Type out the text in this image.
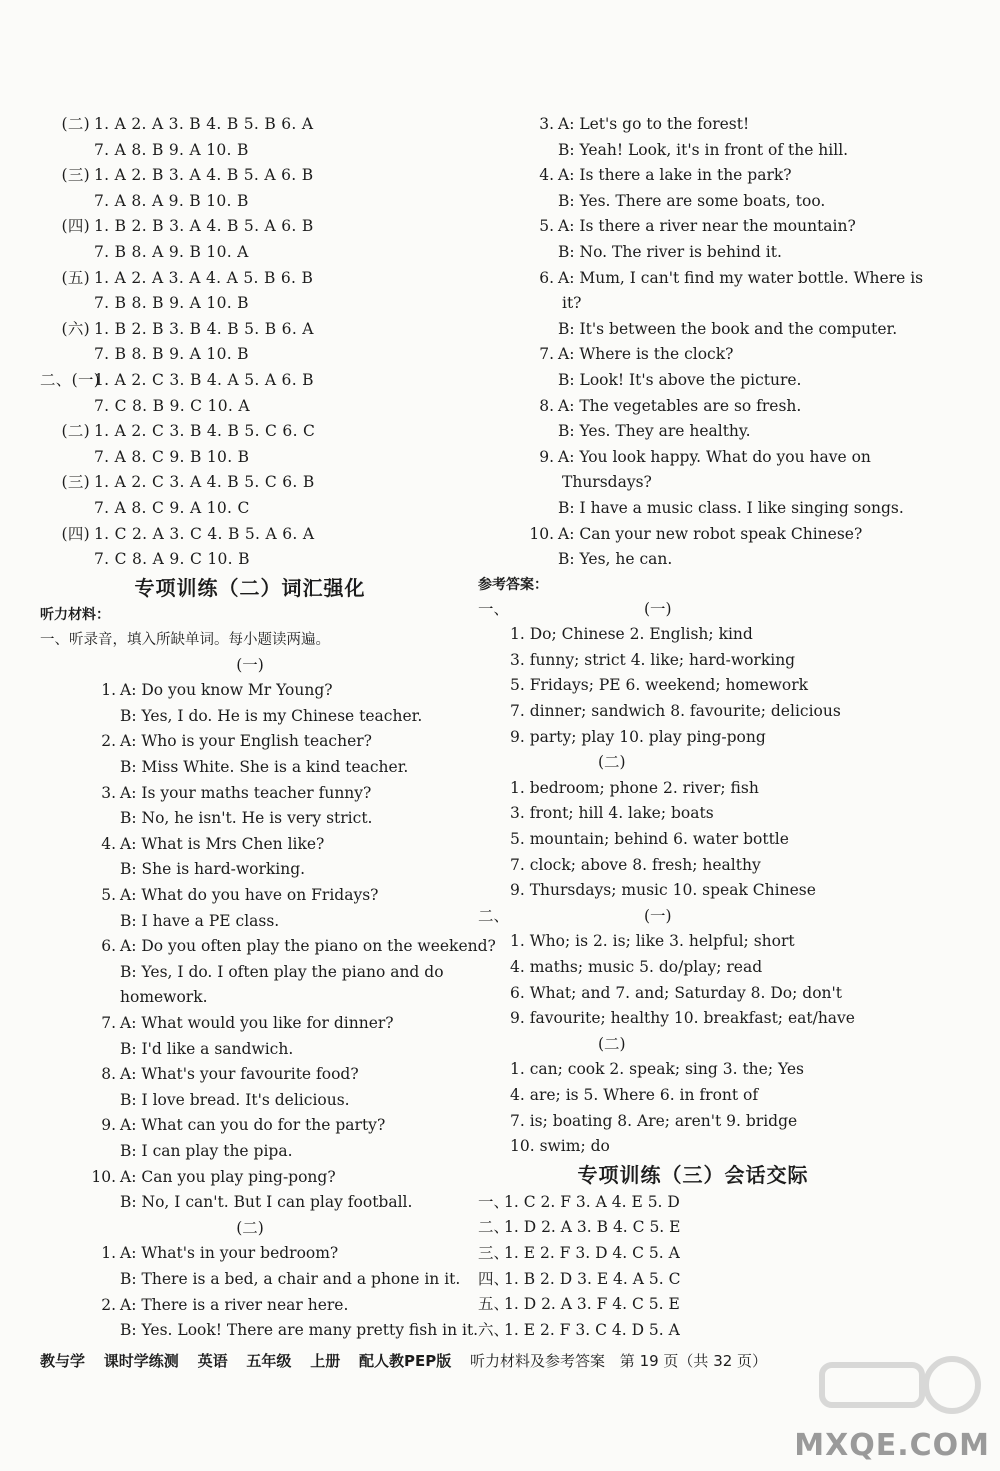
(二) 1. A 2. A 3. B 4. B 5. B 6. A
7. A 8. B 9. A 10. B
(三) 1. A 2. B 3. A 4. B 5. A 6. B
7. A 8. A 9. B 10. B
(四) 1. B 2. B 3. A 4. B 5. A 6. B
7. B 8. A 9. B 10. A
(五) 1. A 2. A 3. A 4. A 5. B 6. B
7. B 8. B 9. A 10. B
(六) 1. B 2. B 3. B 4. B 5. B 6. A
7. B 8. B 9. A 10. B
二、(一)1. A 2. C 3. B 4. A 5. A 6. B
7. C 8. B 9. C 10. A
(二) 1. A 2. C 3. B 4. B 5. C 6. C
7. A 8. C 9. B 10. B
(三) 1. A 2. C 3. A 4. B 5. C 6. B
7. A 8. C 9. A 10. C
(四) 1. C 2. A 3. C 4. B 5. A 6. A
7. C 8. A 9. C 10. B
专项训练（二）词汇强化
听力材料：
一、听录音，填入所缺单词。每小题读两遍。
(一)
1. A: Do you know Mr Young?
B: Yes, I do. He is my Chinese teacher.
2. A: Who is your English teacher?
B: Miss White. She is a kind teacher.
3. A: Is your maths teacher funny?
B: No, he isn't. He is very strict.
4. A: What is Mrs Chen like?
B: She is hard-working.
5. A: What do you have on Fridays?
B: I have a PE class.
6. A: Do you often play the piano on the weekend?
B: Yes, I do. I often play the piano and do
homework.
7. A: What would you like for dinner?
B: I'd like a sandwich.
8. A: What's your favourite food?
B: I love bread. It's delicious.
9. A: What can you do for the party?
B: I can play the pipa.
10. A: Can you play ping-pong?
B: No, I can't. But I can play football.
(二)
1. A: What's in your bedroom?
B: There is a bed, a chair and a phone in it.
2. A: There is a river near here.
B: Yes. Look! There are many pretty fish in it.
3. A: Let's go to the forest!
B: Yeah! Look, it's in front of the hill.
4. A: Is there a lake in the park?
B: Yes. There are some boats, too.
5. A: Is there a river near the mountain?
B: No. The river is behind it.
6. A: Mum, I can't find my water bottle. Where is
it?
B: It's between the book and the computer.
7. A: Where is the clock?
B: Look! It's above the picture.
8. A: The vegetables are so fresh.
B: Yes. They are healthy.
9. A: You look happy. What do you have on
Thursdays?
B: I have a music class. I like singing songs.
10. A: Can your new robot speak Chinese?
B: Yes, he can.
参考答案：
一、	(一)
1. Do; Chinese 2. English; kind
3. funny; strict 4. like; hard-working
5. Fridays; PE 6. weekend; homework
7. dinner; sandwich 8. favourite; delicious
9. party; play 10. play ping-pong
(二)
1. bedroom; phone 2. river; fish
3. front; hill 4. lake; boats
5. mountain; behind 6. water bottle
7. clock; above 8. fresh; healthy
9. Thursdays; music 10. speak Chinese
二、	(一)
1. Who; is 2. is; like 3. helpful; short
4. maths; music 5. do/play; read
6. What; and 7. and; Saturday 8. Do; don't
9. favourite; healthy 10. breakfast; eat/have
(二)
1. can; cook 2. speak; sing 3. the; Yes
4. are; is 5. Where 6. in front of
7. is; boating 8. Are; aren't 9. bridge
10. swim; do
专项训练（三）会话交际
一、1. C 2. F 3. A 4. E 5. D
二、1. D 2. A 3. B 4. C 5. E
三、1. E 2. F 3. D 4. C 5. A
四、1. B 2. D 3. E 4. A 5. C
五、1. D 2. A 3. F 4. C 5. E
六、1. E 2. F 3. C 4. D 5. A
教与学 课时学练测 英语 五年级 上册 配人教PEP版 听力材料及参考答案 第 19 页（共 32 页）
MXQE.COM
